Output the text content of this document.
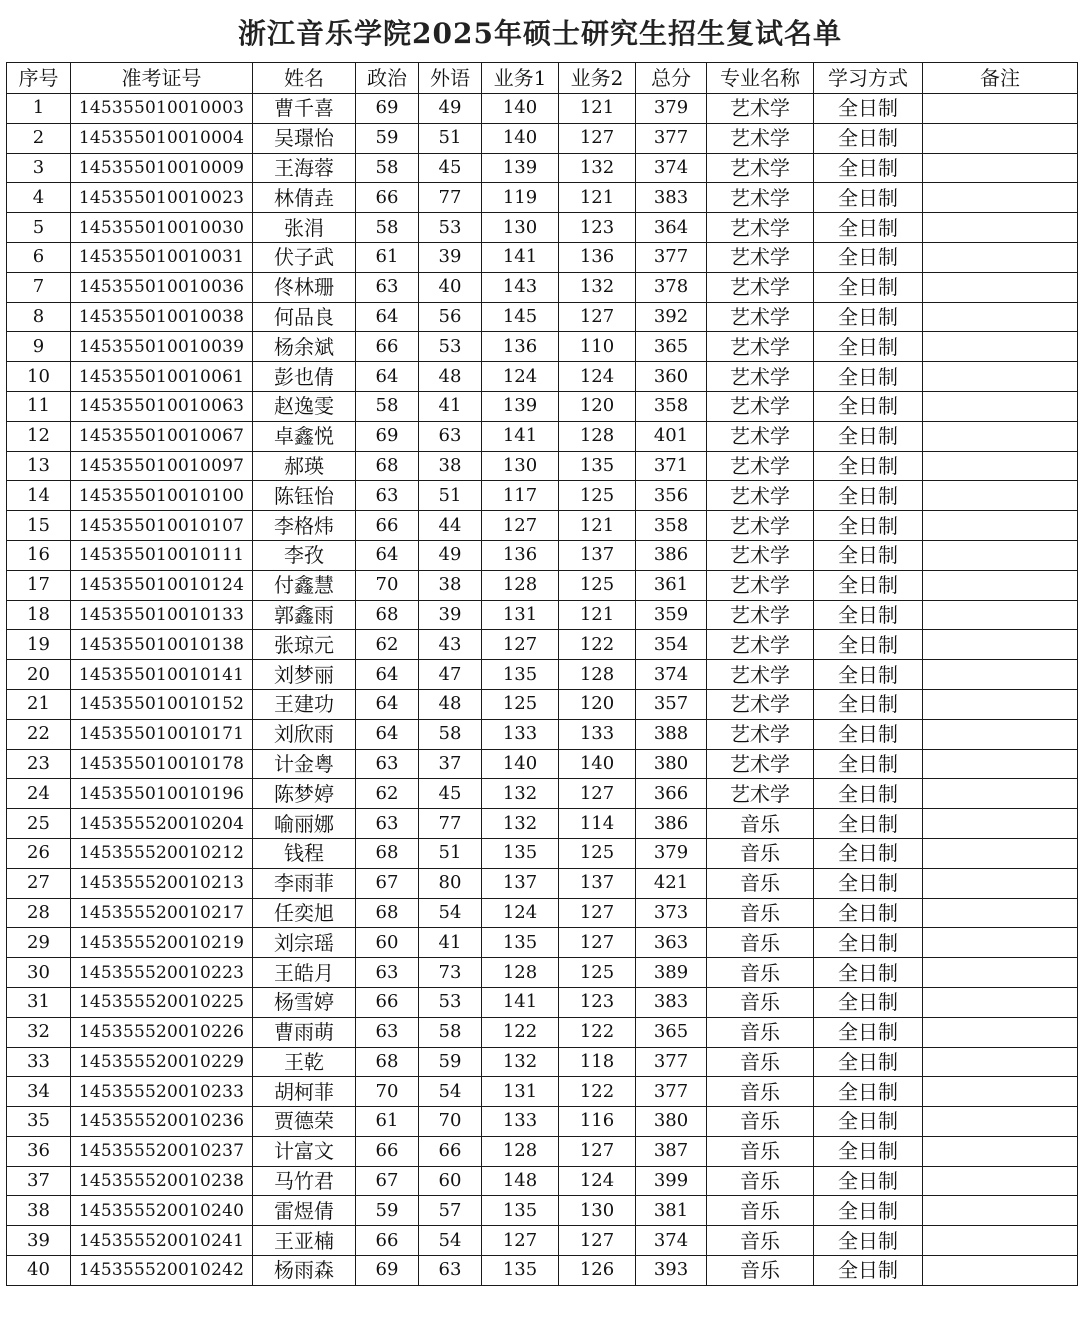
浙江音乐学院2025年硕士研究生招生复试名单
序号	准考证号	姓名	政治	外语	业务1	业务2	总分	专业名称	学习方式	备注
1	145355010010003	曹千喜	69	49	140	121	379	艺术学	全日制	
2	145355010010004	吴璟怡	59	51	140	127	377	艺术学	全日制	
3	145355010010009	王海蓉	58	45	139	132	374	艺术学	全日制	
4	145355010010023	林倩垚	66	77	119	121	383	艺术学	全日制	
5	145355010010030	张涓	58	53	130	123	364	艺术学	全日制	
6	145355010010031	伏子武	61	39	141	136	377	艺术学	全日制	
7	145355010010036	佟林珊	63	40	143	132	378	艺术学	全日制	
8	145355010010038	何品良	64	56	145	127	392	艺术学	全日制	
9	145355010010039	杨余斌	66	53	136	110	365	艺术学	全日制	
10	145355010010061	彭也倩	64	48	124	124	360	艺术学	全日制	
11	145355010010063	赵逸雯	58	41	139	120	358	艺术学	全日制	
12	145355010010067	卓鑫悦	69	63	141	128	401	艺术学	全日制	
13	145355010010097	郝瑛	68	38	130	135	371	艺术学	全日制	
14	145355010010100	陈钰怡	63	51	117	125	356	艺术学	全日制	
15	145355010010107	李格炜	66	44	127	121	358	艺术学	全日制	
16	145355010010111	李孜	64	49	136	137	386	艺术学	全日制	
17	145355010010124	付鑫慧	70	38	128	125	361	艺术学	全日制	
18	145355010010133	郭鑫雨	68	39	131	121	359	艺术学	全日制	
19	145355010010138	张琼元	62	43	127	122	354	艺术学	全日制	
20	145355010010141	刘梦丽	64	47	135	128	374	艺术学	全日制	
21	145355010010152	王建功	64	48	125	120	357	艺术学	全日制	
22	145355010010171	刘欣雨	64	58	133	133	388	艺术学	全日制	
23	145355010010178	计金粤	63	37	140	140	380	艺术学	全日制	
24	145355010010196	陈梦婷	62	45	132	127	366	艺术学	全日制	
25	145355520010204	喻丽娜	63	77	132	114	386	音乐	全日制	
26	145355520010212	钱程	68	51	135	125	379	音乐	全日制	
27	145355520010213	李雨菲	67	80	137	137	421	音乐	全日制	
28	145355520010217	任奕旭	68	54	124	127	373	音乐	全日制	
29	145355520010219	刘宗瑶	60	41	135	127	363	音乐	全日制	
30	145355520010223	王皓月	63	73	128	125	389	音乐	全日制	
31	145355520010225	杨雪婷	66	53	141	123	383	音乐	全日制	
32	145355520010226	曹雨萌	63	58	122	122	365	音乐	全日制	
33	145355520010229	王乾	68	59	132	118	377	音乐	全日制	
34	145355520010233	胡柯菲	70	54	131	122	377	音乐	全日制	
35	145355520010236	贾德荣	61	70	133	116	380	音乐	全日制	
36	145355520010237	计富文	66	66	128	127	387	音乐	全日制	
37	145355520010238	马竹君	67	60	148	124	399	音乐	全日制	
38	145355520010240	雷煜倩	59	57	135	130	381	音乐	全日制	
39	145355520010241	王亚楠	66	54	127	127	374	音乐	全日制	
40	145355520010242	杨雨森	69	63	135	126	393	音乐	全日制	
